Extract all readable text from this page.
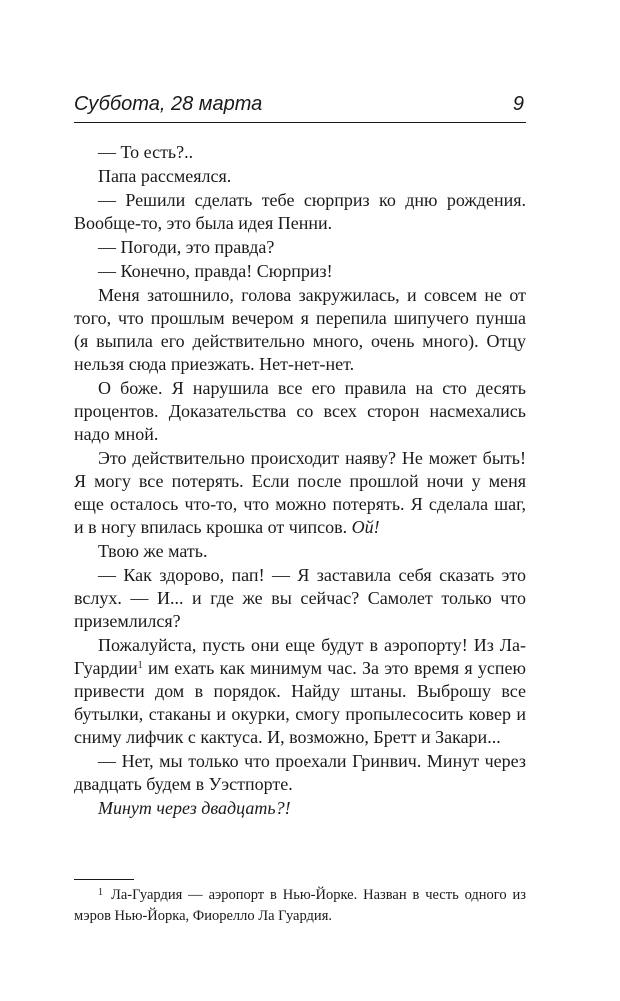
Суббота, 28 марта	9

— То есть?..

Папа рассмеялся.

— Решили сделать тебе сюрприз ко дню рождения. Вообще-то, это была идея Пенни.

— Погоди, это правда?

— Конечно, правда! Сюрприз!

Меня затошнило, голова закружилась, и совсем не от того, что прошлым вечером я перепила шипучего пунша (я выпила его действительно много, очень много). Отцу нельзя сюда приезжать. Нет-нет-нет.

О боже. Я нарушила все его правила на сто десять процентов. Доказательства со всех сторон насмехались надо мной.

Это действительно происходит наяву? Не может быть! Я могу все потерять. Если после прошлой ночи у меня еще осталось что-то, что можно потерять. Я сделала шаг, и в ногу впилась крошка от чипсов. Ой!

Твою же мать.

— Как здорово, пап! — Я заставила себя сказать это вслух. — И... и где же вы сейчас? Самолет только что приземлился?

Пожалуйста, пусть они еще будут в аэропорту! Из Ла-Гуардии$^1$ им ехать как минимум час. За это время я успею привести дом в порядок. Найду штаны. Выброшу все бутылки, стаканы и окурки, смогу пропылесосить ковер и сниму лифчик с кактуса. И, возможно, Бретт и Закари...

— Нет, мы только что проехали Гринвич. Минут через двадцать будем в Уэстпорте.

Минут через двадцать?!

$^1$ Ла-Гуардия — аэропорт в Нью-Йорке. Назван в честь одного из мэров Нью-Йорка, Фиорелло Ла Гуардия.
